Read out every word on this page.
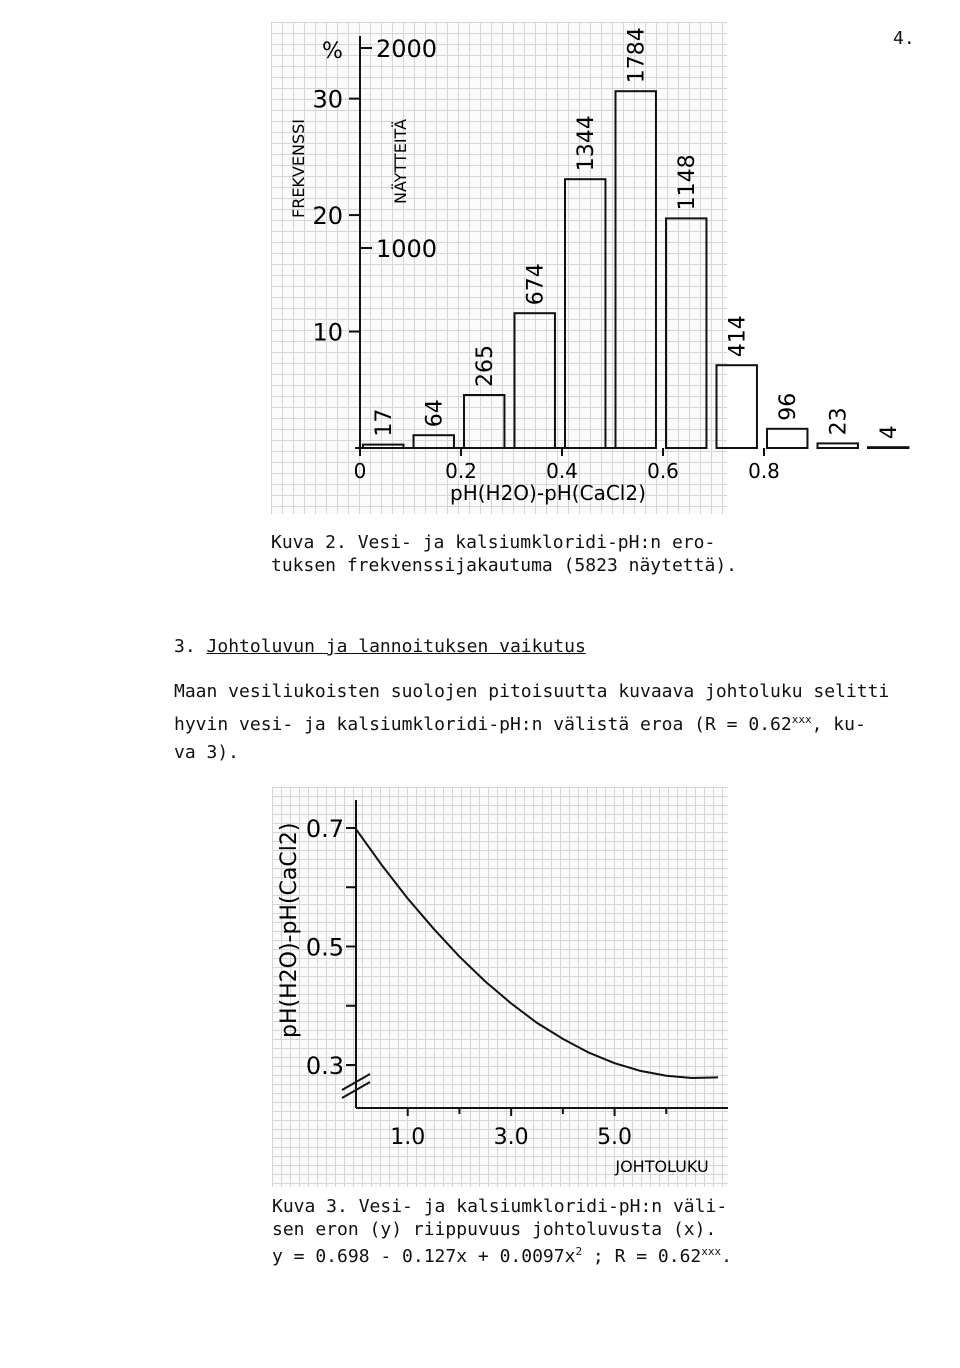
4.
1000
2000
10
20
30
%
FREKVENSSI	NÄYTTEITÄ
17 64
265
674
1344
1784
1148
414
96
23 4
0	0.2	0.4	0.6	0.8
pH(H2O)-pH(CaCl2)
Kuva 2. Vesi- ja kalsiumkloridi-pH:n ero-
tuksen frekvenssijakautuma (5823 näytettä).
3. Johtoluvun ja lannoituksen vaikutus
Maan vesiliukoisten suolojen pitoisuutta kuvaava johtoluku selitti
hyvin vesi- ja kalsiumkloridi-pH:n välistä eroa ($R = 0.62^{xxx}$, ku-
va 3).
0.3
0.5
0.7
pH(H2O)-pH(CaCl2)
1.0	3.0	5.0
JOHTOLUKU
Kuva 3. Vesi- ja kalsiumkloridi-pH:n väli-
sen eron (y) riippuvuus johtoluvusta (x).
$y = 0.698 - 0.127x + 0.0097x^2$ ; $R = 0.62^{xxx}$.
